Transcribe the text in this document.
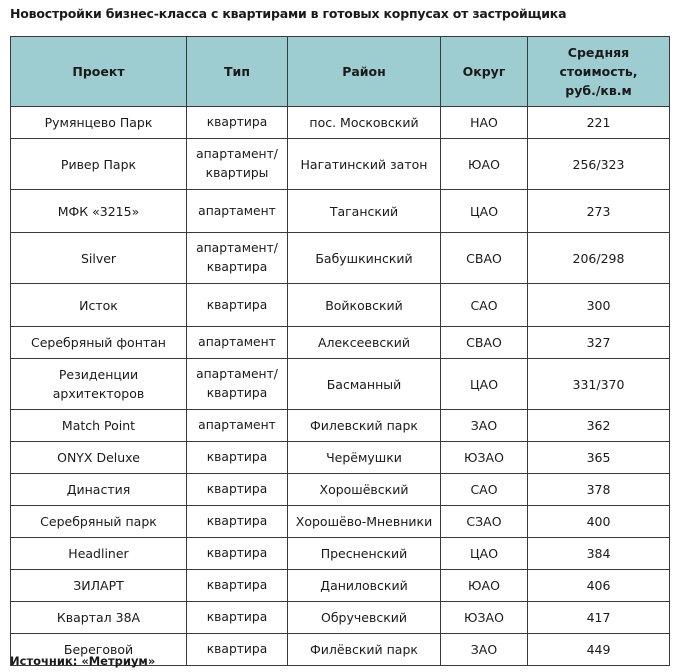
Новостройки бизнес-класса с квартирами в готовых корпусах от застройщика
Проект	Тип	Район	Округ	Средняя
стоимость,
руб./кв.м
Румянцево Парк	квартира	пос. Московский	НАО	221
Ривер Парк	апартамент/
квартиры	Нагатинский затон	ЮАО	256/323
МФК «3215»	апартамент	Таганский	ЦАО	273
Silver	апартамент/
квартира	Бабушкинский	СВАО	206/298
Исток	квартира	Войковский	САО	300
Серебряный фонтан	апартамент	Алексеевский	СВАО	327
Резиденции архитекторов	апартамент/
квартира	Басманный	ЦАО	331/370
Match Point	апартамент	Филевский парк	ЗАО	362
ONYX Deluxe	квартира	Черёмушки	ЮЗАО	365
Династия	квартира	Хорошёвский	САО	378
Серебряный парк	квартира	Хорошёво-Мневники	СЗАО	400
Headliner	квартира	Пресненский	ЦАО	384
ЗИЛАРТ	квартира	Даниловский	ЮАО	406
Квартал 38А	квартира	Обручевский	ЮЗАО	417
Береговой	квартира	Филёвский парк	ЗАО	449
Источник: «Метриум»
